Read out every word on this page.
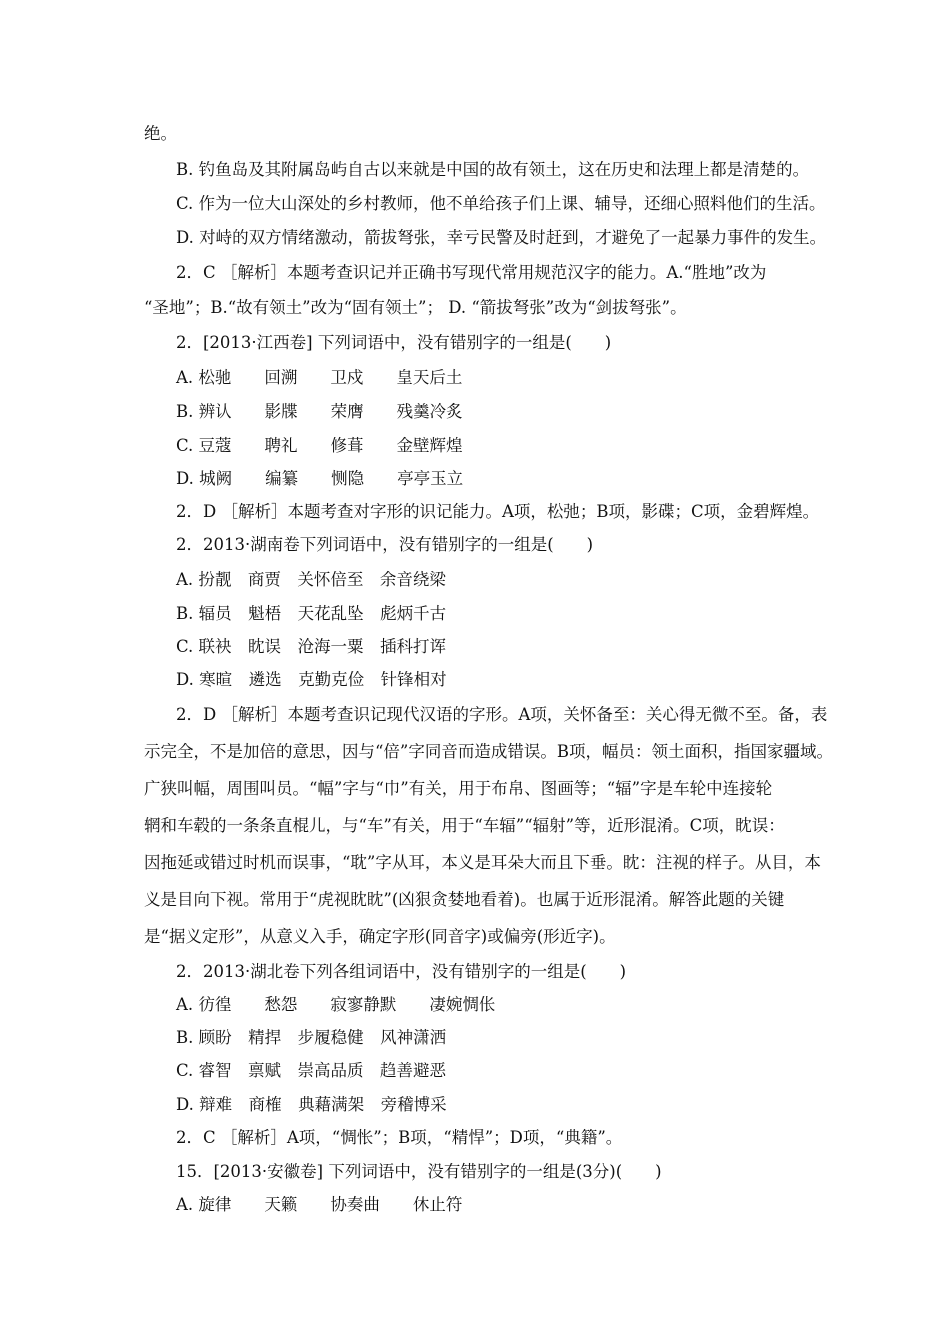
绝。
B. 钓鱼岛及其附属岛屿自古以来就是中国的故有领土，这在历史和法理上都是清楚的。
C. 作为一位大山深处的乡村教师，他不单给孩子们上课、辅导，还细心照料他们的生活。
D. 对峙的双方情绪激动，箭拔弩张，幸亏民警及时赶到，才避免了一起暴力事件的发生。
2．C ［解析］本题考查识记并正确书写现代常用规范汉字的能力。A.“胜地”改为
“圣地”；B.“故有领土”改为“固有领土”； D. “箭拔弩张”改为“剑拔弩张”。
2．[2013·江西卷] 下列词语中，没有错别字的一组是(　　)
A. 松驰　　回溯　　卫戍　　皇天后土
B. 辨认　　影牒　　荣膺　　残羹冷炙
C. 豆蔻　　聘礼　　修葺　　金壁辉煌
D. 城阙　　编纂　　恻隐　　亭亭玉立
2．D ［解析］本题考查对字形的识记能力。A项，松弛；B项，影碟；C项，金碧辉煌。
2．2013·湖南卷下列词语中，没有错别字的一组是(　　)
A. 扮靓　商贾　关怀倍至　余音绕梁
B. 辐员　魁梧　天花乱坠　彪炳千古
C. 联袂　眈误　沧海一粟　插科打诨
D. 寒暄　遴选　克勤克俭　针锋相对
2．D ［解析］本题考查识记现代汉语的字形。A项，关怀备至：关心得无微不至。备，表
示完全，不是加倍的意思，因与“倍”字同音而造成错误。B项，幅员：领土面积，指国家疆域。
广狭叫幅，周围叫员。“幅”字与“巾”有关，用于布帛、图画等；“辐”字是车轮中连接轮
辋和车毂的一条条直棍儿，与“车”有关，用于“车辐”“辐射”等，近形混淆。C项，眈误：
因拖延或错过时机而误事，“耽”字从耳，本义是耳朵大而且下垂。眈：注视的样子。从目，本
义是目向下视。常用于“虎视眈眈”(凶狠贪婪地看着)。也属于近形混淆。解答此题的关键
是“据义定形”，从意义入手，确定字形(同音字)或偏旁(形近字)。
2．2013·湖北卷下列各组词语中，没有错别字的一组是(　　)
A. 彷徨　　愁怨　　寂寥静默　　凄婉惆伥
B. 顾盼　精捍　步履稳健　风神潇洒
C. 睿智　禀赋　崇高品质　趋善避恶
D. 辩难　商榷　典藉满架　旁稽博采
2．C ［解析］A项，“惆怅”；B项，“精悍”；D项，“典籍”。
15．[2013·安徽卷] 下列词语中，没有错别字的一组是(3分)(　　)
A. 旋律　　天籁　　协奏曲　　休止符
